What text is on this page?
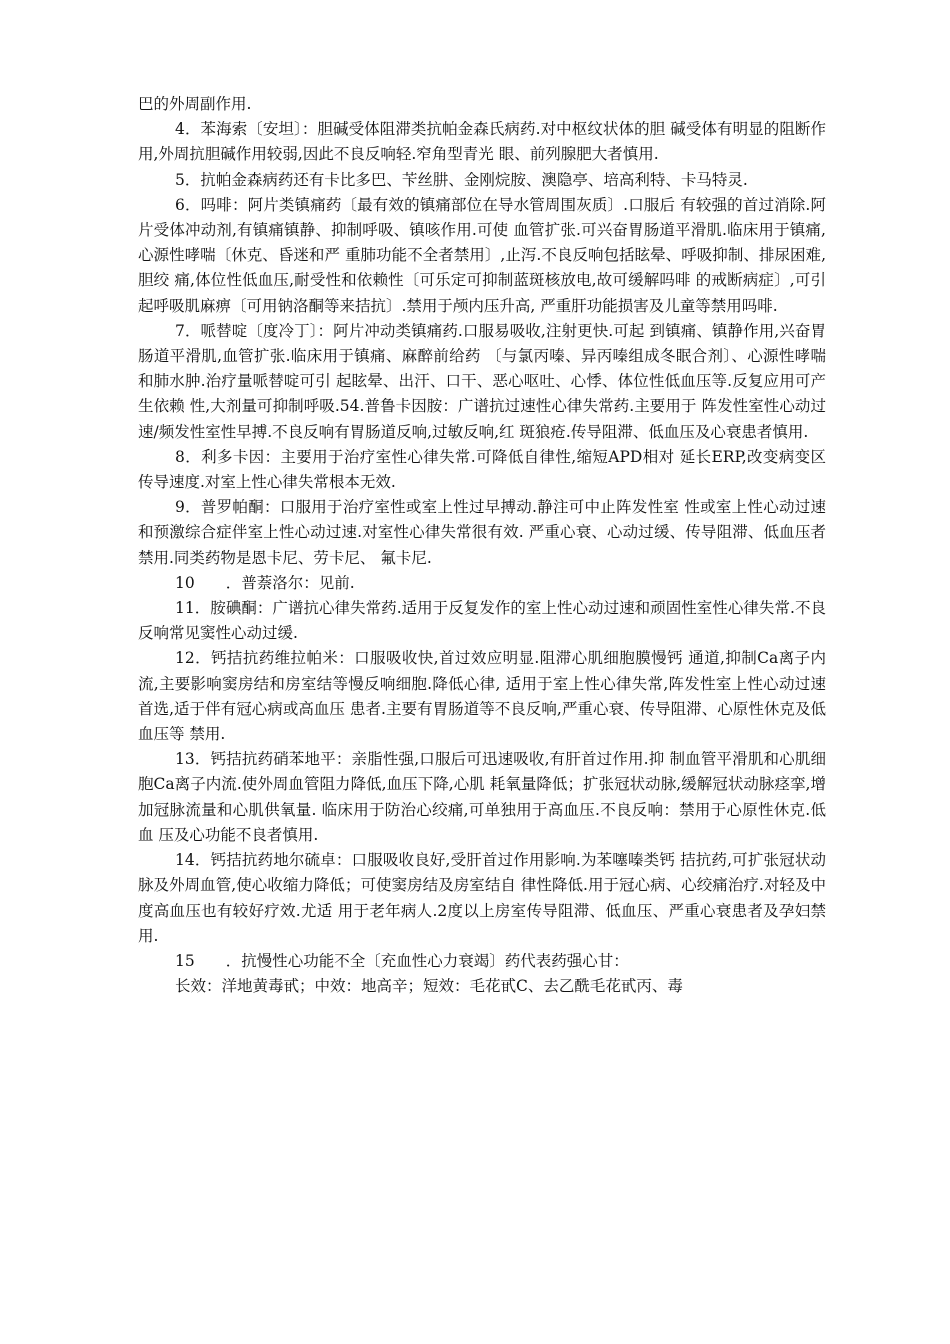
巴的外周副作用.

4．苯海索〔安坦〕：胆碱受体阻滞类抗帕金森氏病药.对中枢纹状体的胆 碱受体有明显的阻断作用,外周抗胆碱作用较弱,因此不良反响轻.窄角型青光 眼、前列腺肥大者慎用.

5．抗帕金森病药还有卡比多巴、苄丝肼、金刚烷胺、澳隐亭、培高利特、卡马特灵.

6．吗啡：阿片类镇痛药〔最有效的镇痛部位在导水管周围灰质〕.口服后 有较强的首过消除.阿片受体冲动剂,有镇痛镇静、抑制呼吸、镇咳作用.可使 血管扩张.可兴奋胃肠道平滑肌.临床用于镇痛,心源性哮喘〔休克、昏迷和严 重肺功能不全者禁用〕,止泻.不良反响包括眩晕、呼吸抑制、排尿困难,胆绞 痛,体位性低血压,耐受性和依赖性〔可乐定可抑制蓝斑核放电,故可缓解吗啡 的戒断病症〕,可引起呼吸肌麻痹〔可用钠洛酮等来拮抗〕.禁用于颅内压升高, 严重肝功能损害及儿童等禁用吗啡.

7．哌替啶〔度冷丁〕：阿片冲动类镇痛药.口服易吸收,注射更快.可起 到镇痛、镇静作用,兴奋胃肠道平滑肌,血管扩张.临床用于镇痛、麻醉前给药 〔与氯丙嗪、异丙嗪组成冬眠合剂〕、心源性哮喘和肺水肿.治疗量哌替啶可引 起眩晕、出汗、口干、恶心呕吐、心悸、体位性低血压等.反复应用可产生依赖 性,大剂量可抑制呼吸.54.普鲁卡因胺：广谱抗过速性心律失常药.主要用于 阵发性室性心动过速/频发性室性早搏.不良反响有胃肠道反响,过敏反响,红 斑狼疮.传导阻滞、低血压及心衰患者慎用.

8．利多卡因：主要用于治疗室性心律失常.可降低自律性,缩短APD相对 延长ERP,改变病变区传导速度.对室上性心律失常根本无效.

9．普罗帕酮：口服用于治疗室性或室上性过早搏动.静注可中止阵发性室 性或室上性心动过速和预激综合症伴室上性心动过速.对室性心律失常很有效. 严重心衰、心动过缓、传导阻滞、低血压者禁用.同类药物是恩卡尼、劳卡尼、 氟卡尼.

10　　．普萘洛尔：见前.

11．胺碘酮：广谱抗心律失常药.适用于反复发作的室上性心动过速和顽固性室性心律失常.不良反响常见窦性心动过缓.

12．钙拮抗药维拉帕米：口服吸收快,首过效应明显.阻滞心肌细胞膜慢钙 通道,抑制Ca离子内流,主要影响窦房结和房室结等慢反响细胞.降低心律, 适用于室上性心律失常,阵发性室上性心动过速首选,适于伴有冠心病或高血压 患者.主要有胃肠道等不良反响,严重心衰、传导阻滞、心原性休克及低血压等 禁用.

13．钙拮抗药硝苯地平：亲脂性强,口服后可迅速吸收,有肝首过作用.抑 制血管平滑肌和心肌细胞Ca离子内流.使外周血管阻力降低,血压下降,心肌 耗氧量降低；扩张冠状动脉,缓解冠状动脉痉挛,增加冠脉流量和心肌供氧量. 临床用于防治心绞痛,可单独用于高血压.不良反响：禁用于心原性休克.低血 压及心功能不良者慎用.

14．钙拮抗药地尔硫卓：口服吸收良好,受肝首过作用影响.为苯噻嗪类钙 拮抗药,可扩张冠状动脉及外周血管,使心收缩力降低；可使窦房结及房室结自 律性降低.用于冠心病、心绞痛治疗.对轻及中度高血压也有较好疗效.尤适 用于老年病人.2度以上房室传导阻滞、低血压、严重心衰患者及孕妇禁用.

15　　．抗慢性心功能不全〔充血性心力衰竭〕药代表药强心甘：

长效：洋地黄毒甙；中效：地高辛；短效：毛花甙C、去乙酰毛花甙丙、毒
